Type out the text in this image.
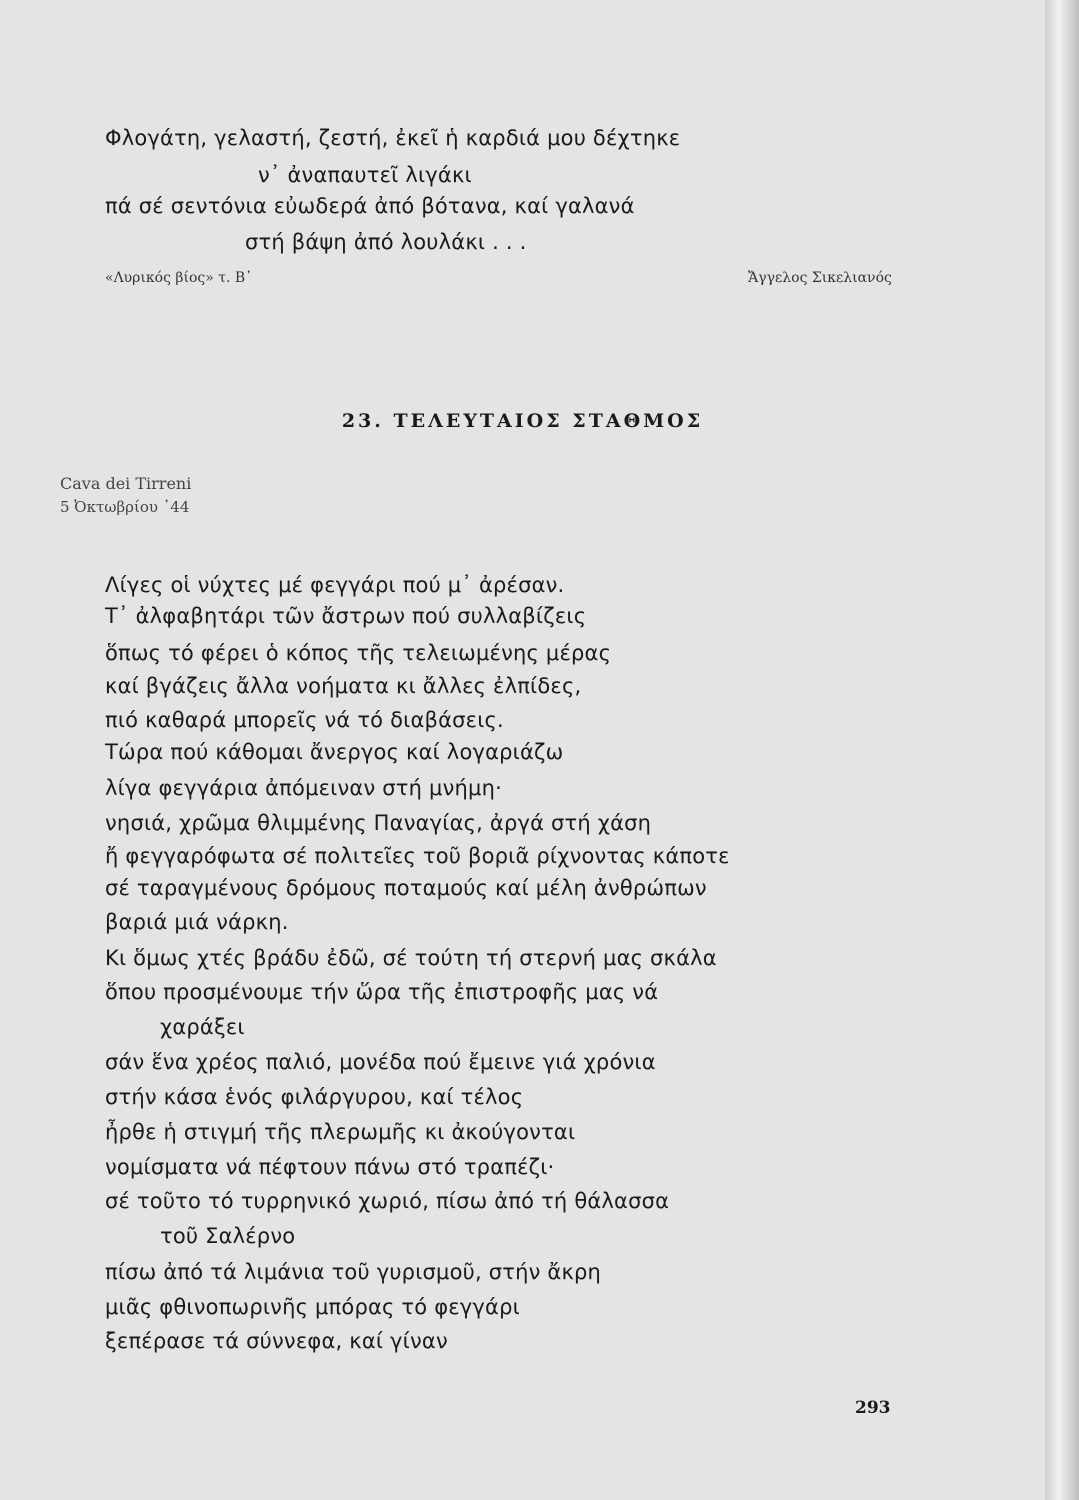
Φλογάτη, γελαστή, ζεστή, ἐκεῖ ἡ καρδιά μου δέχτηκε
ν᾽ ἀναπαυτεῖ λιγάκι
πά σέ σεντόνια εὐωδερά ἀπό βότανα, καί γαλανά
στή βάψη ἀπό λουλάκι . . .
«Λυρικός βίος» τ. Β᾽	Ἄγγελος Σικελιανός
23. ΤΕΛΕΥΤΑΙΟΣ ΣΤΑΘΜΟΣ
Cava dei Tirreni
5 Ὀκτωβρίου ᾽44
Λίγες οἱ νύχτες μέ φεγγάρι πού μ᾽ ἀρέσαν.
Τ᾽ ἀλφαβητάρι τῶν ἄστρων πού συλλαβίζεις
ὅπως τό φέρει ὁ κόπος τῆς τελειωμένης μέρας
καί βγάζεις ἄλλα νοήματα κι ἄλλες ἐλπίδες,
πιό καθαρά μπορεῖς νά τό διαβάσεις.
Τώρα πού κάθομαι ἄνεργος καί λογαριάζω
λίγα φεγγάρια ἀπόμειναν στή μνήμη·
νησιά, χρῶμα θλιμμένης Παναγίας, ἀργά στή χάση
ἤ φεγγαρόφωτα σέ πολιτεῖες τοῦ βοριᾶ ρίχνοντας κάποτε
σέ ταραγμένους δρόμους ποταμούς καί μέλη ἀνθρώπων
βαριά μιά νάρκη.
Κι ὅμως χτές βράδυ ἐδῶ, σέ τούτη τή στερνή μας σκάλα
ὅπου προσμένουμε τήν ὥρα τῆς ἐπιστροφῆς μας νά
χαράξει
σάν ἕνα χρέος παλιό, μονέδα πού ἔμεινε γιά χρόνια
στήν κάσα ἑνός φιλάργυρου, καί τέλος
ἦρθε ἡ στιγμή τῆς πλερωμῆς κι ἀκούγονται
νομίσματα νά πέφτουν πάνω στό τραπέζι·
σέ τοῦτο τό τυρρηνικό χωριό, πίσω ἀπό τή θάλασσα
τοῦ Σαλέρνο
πίσω ἀπό τά λιμάνια τοῦ γυρισμοῦ, στήν ἄκρη
μιᾶς φθινοπωρινῆς μπόρας τό φεγγάρι
ξεπέρασε τά σύννεφα, καί γίναν
293
